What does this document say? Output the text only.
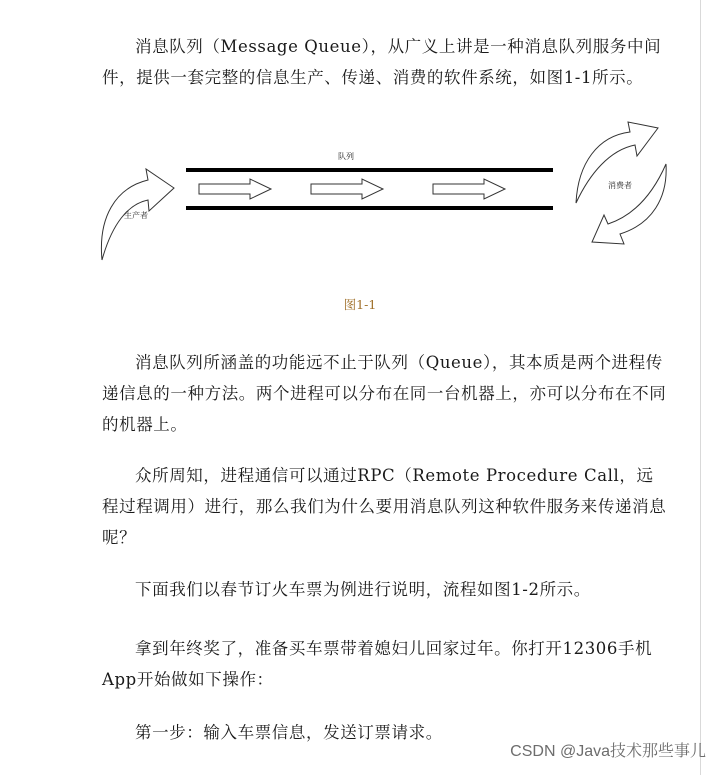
消息队列（Message Queue），从广义上讲是一种消息队列服务中间件，提供一套完整的信息生产、传递、消费的软件系统，如图1-1所示。

生产者
队列
消费者
图1-1

消息队列所涵盖的功能远不止于队列（Queue），其本质是两个进程传递信息的一种方法。两个进程可以分布在同一台机器上，亦可以分布在不同的机器上。

众所周知，进程通信可以通过RPC（Remote Procedure Call，远程过程调用）进行，那么我们为什么要用消息队列这种软件服务来传递消息呢？

下面我们以春节订火车票为例进行说明，流程如图1-2所示。

拿到年终奖了，准备买车票带着媳妇儿回家过年。你打开12306手机App开始做如下操作：

第一步：输入车票信息，发送订票请求。

CSDN @Java技术那些事儿
